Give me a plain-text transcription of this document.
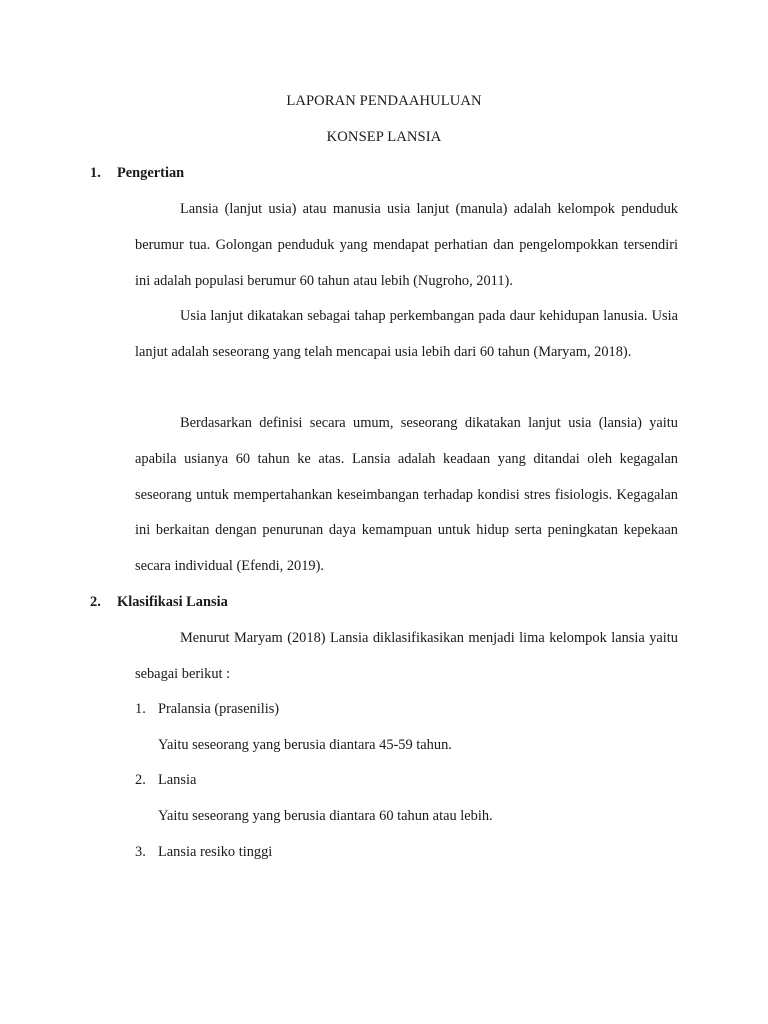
LAPORAN PENDAAHULUAN
KONSEP LANSIA
1. Pengertian

Lansia (lanjut usia) atau manusia usia lanjut (manula) adalah kelompok penduduk berumur tua. Golongan penduduk yang mendapat perhatian dan pengelompokkan tersendiri ini adalah populasi berumur 60 tahun atau lebih (Nugroho, 2011).

Usia lanjut dikatakan sebagai tahap perkembangan pada daur kehidupan lanusia. Usia lanjut adalah seseorang yang telah mencapai usia lebih dari 60 tahun (Maryam, 2018).

Berdasarkan definisi secara umum, seseorang dikatakan lanjut usia (lansia) yaitu apabila usianya 60 tahun ke atas. Lansia adalah keadaan yang ditandai oleh kegagalan seseorang untuk mempertahankan keseimbangan terhadap kondisi stres fisiologis. Kegagalan ini berkaitan dengan penurunan daya kemampuan untuk hidup serta peningkatan kepekaan secara individual (Efendi, 2019).

2. Klasifikasi Lansia

Menurut Maryam (2018) Lansia diklasifikasikan menjadi lima kelompok lansia yaitu sebagai berikut :

1. Pralansia (prasenilis)
Yaitu seseorang yang berusia diantara 45-59 tahun.
2. Lansia
Yaitu seseorang yang berusia diantara 60 tahun atau lebih.
3. Lansia resiko tinggi
